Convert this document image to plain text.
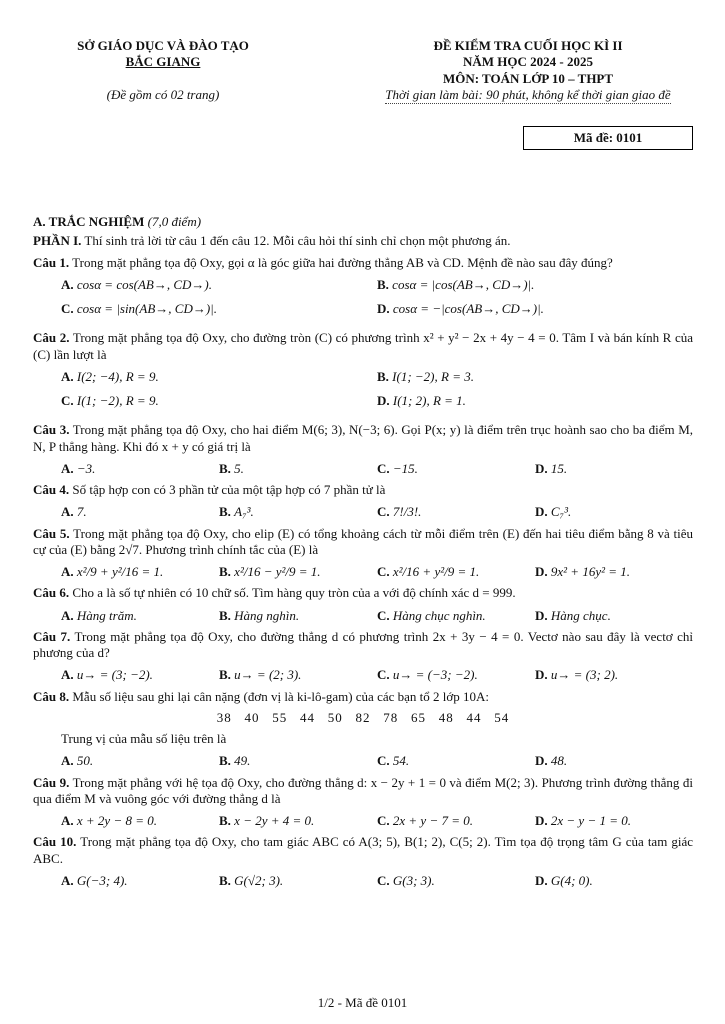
SỞ GIÁO DỤC VÀ ĐÀO TẠO
BẮC GIANG
(Đề gồm có 02 trang)
ĐỀ KIỂM TRA CUỐI HỌC KÌ II
NĂM HỌC 2024 - 2025
MÔN: TOÁN LỚP 10 – THPT
Thời gian làm bài: 90 phút, không kể thời gian giao đề
Mã đề: 0101
A. TRẮC NGHIỆM (7,0 điểm)
PHẦN I. Thí sinh trả lời từ câu 1 đến câu 12. Mỗi câu hỏi thí sinh chỉ chọn một phương án.
Câu 1. Trong mặt phẳng tọa độ Oxy, gọi α là góc giữa hai đường thẳng AB và CD. Mệnh đề nào sau đây đúng?
A. cosα = cos(AB→, CD→).	B. cosα = |cos(AB→, CD→)|.
C. cosα = |sin(AB→, CD→)|.	D. cosα = −|cos(AB→, CD→)|.
Câu 2. Trong mặt phẳng tọa độ Oxy, cho đường tròn (C) có phương trình x² + y² − 2x + 4y − 4 = 0. Tâm I và bán kính R của (C) lần lượt là
A. I(2; −4), R = 9.	B. I(1; −2), R = 3.
C. I(1; −2), R = 9.	D. I(1; 2), R = 1.
Câu 3. Trong mặt phẳng tọa độ Oxy, cho hai điểm M(6; 3), N(−3; 6). Gọi P(x; y) là điểm trên trục hoành sao cho ba điểm M, N, P thẳng hàng. Khi đó x + y có giá trị là
A. −3.	B. 5.	C. −15.	D. 15.
Câu 4. Số tập hợp con có 3 phần tử của một tập hợp có 7 phần tử là
A. 7.	B. A₇³.	C. 7!/3!.	D. C₇³.
Câu 5. Trong mặt phẳng tọa độ Oxy, cho elip (E) có tổng khoảng cách từ mỗi điểm trên (E) đến hai tiêu điểm bằng 8 và tiêu cự của (E) bằng 2√7. Phương trình chính tắc của (E) là
A. x²/9 + y²/16 = 1.	B. x²/16 − y²/9 = 1.	C. x²/16 + y²/9 = 1.	D. 9x² + 16y² = 1.
Câu 6. Cho a là số tự nhiên có 10 chữ số. Tìm hàng quy tròn của a với độ chính xác d = 999.
A. Hàng trăm.	B. Hàng nghìn.	C. Hàng chục nghìn.	D. Hàng chục.
Câu 7. Trong mặt phẳng tọa độ Oxy, cho đường thẳng d có phương trình 2x + 3y − 4 = 0. Vectơ nào sau đây là vectơ chỉ phương của d?
A. u→ = (3; −2).	B. u→ = (2; 3).	C. u→ = (−3; −2).	D. u→ = (3; 2).
Câu 8. Mẫu số liệu sau ghi lại cân nặng (đơn vị là ki-lô-gam) của các bạn tổ 2 lớp 10A:
38   40   55   44   50   82   78   65   48   44   54
Trung vị của mẫu số liệu trên là
A. 50.	B. 49.	C. 54.	D. 48.
Câu 9. Trong mặt phẳng với hệ tọa độ Oxy, cho đường thẳng d: x − 2y + 1 = 0 và điểm M(2; 3). Phương trình đường thẳng đi qua điểm M và vuông góc với đường thẳng d là
A. x + 2y − 8 = 0.	B. x − 2y + 4 = 0.	C. 2x + y − 7 = 0.	D. 2x − y − 1 = 0.
Câu 10. Trong mặt phẳng tọa độ Oxy, cho tam giác ABC có A(3; 5), B(1; 2), C(5; 2). Tìm tọa độ trọng tâm G của tam giác ABC.
A. G(−3; 4).	B. G(√2; 3).	C. G(3; 3).	D. G(4; 0).
1/2 - Mã đề 0101
